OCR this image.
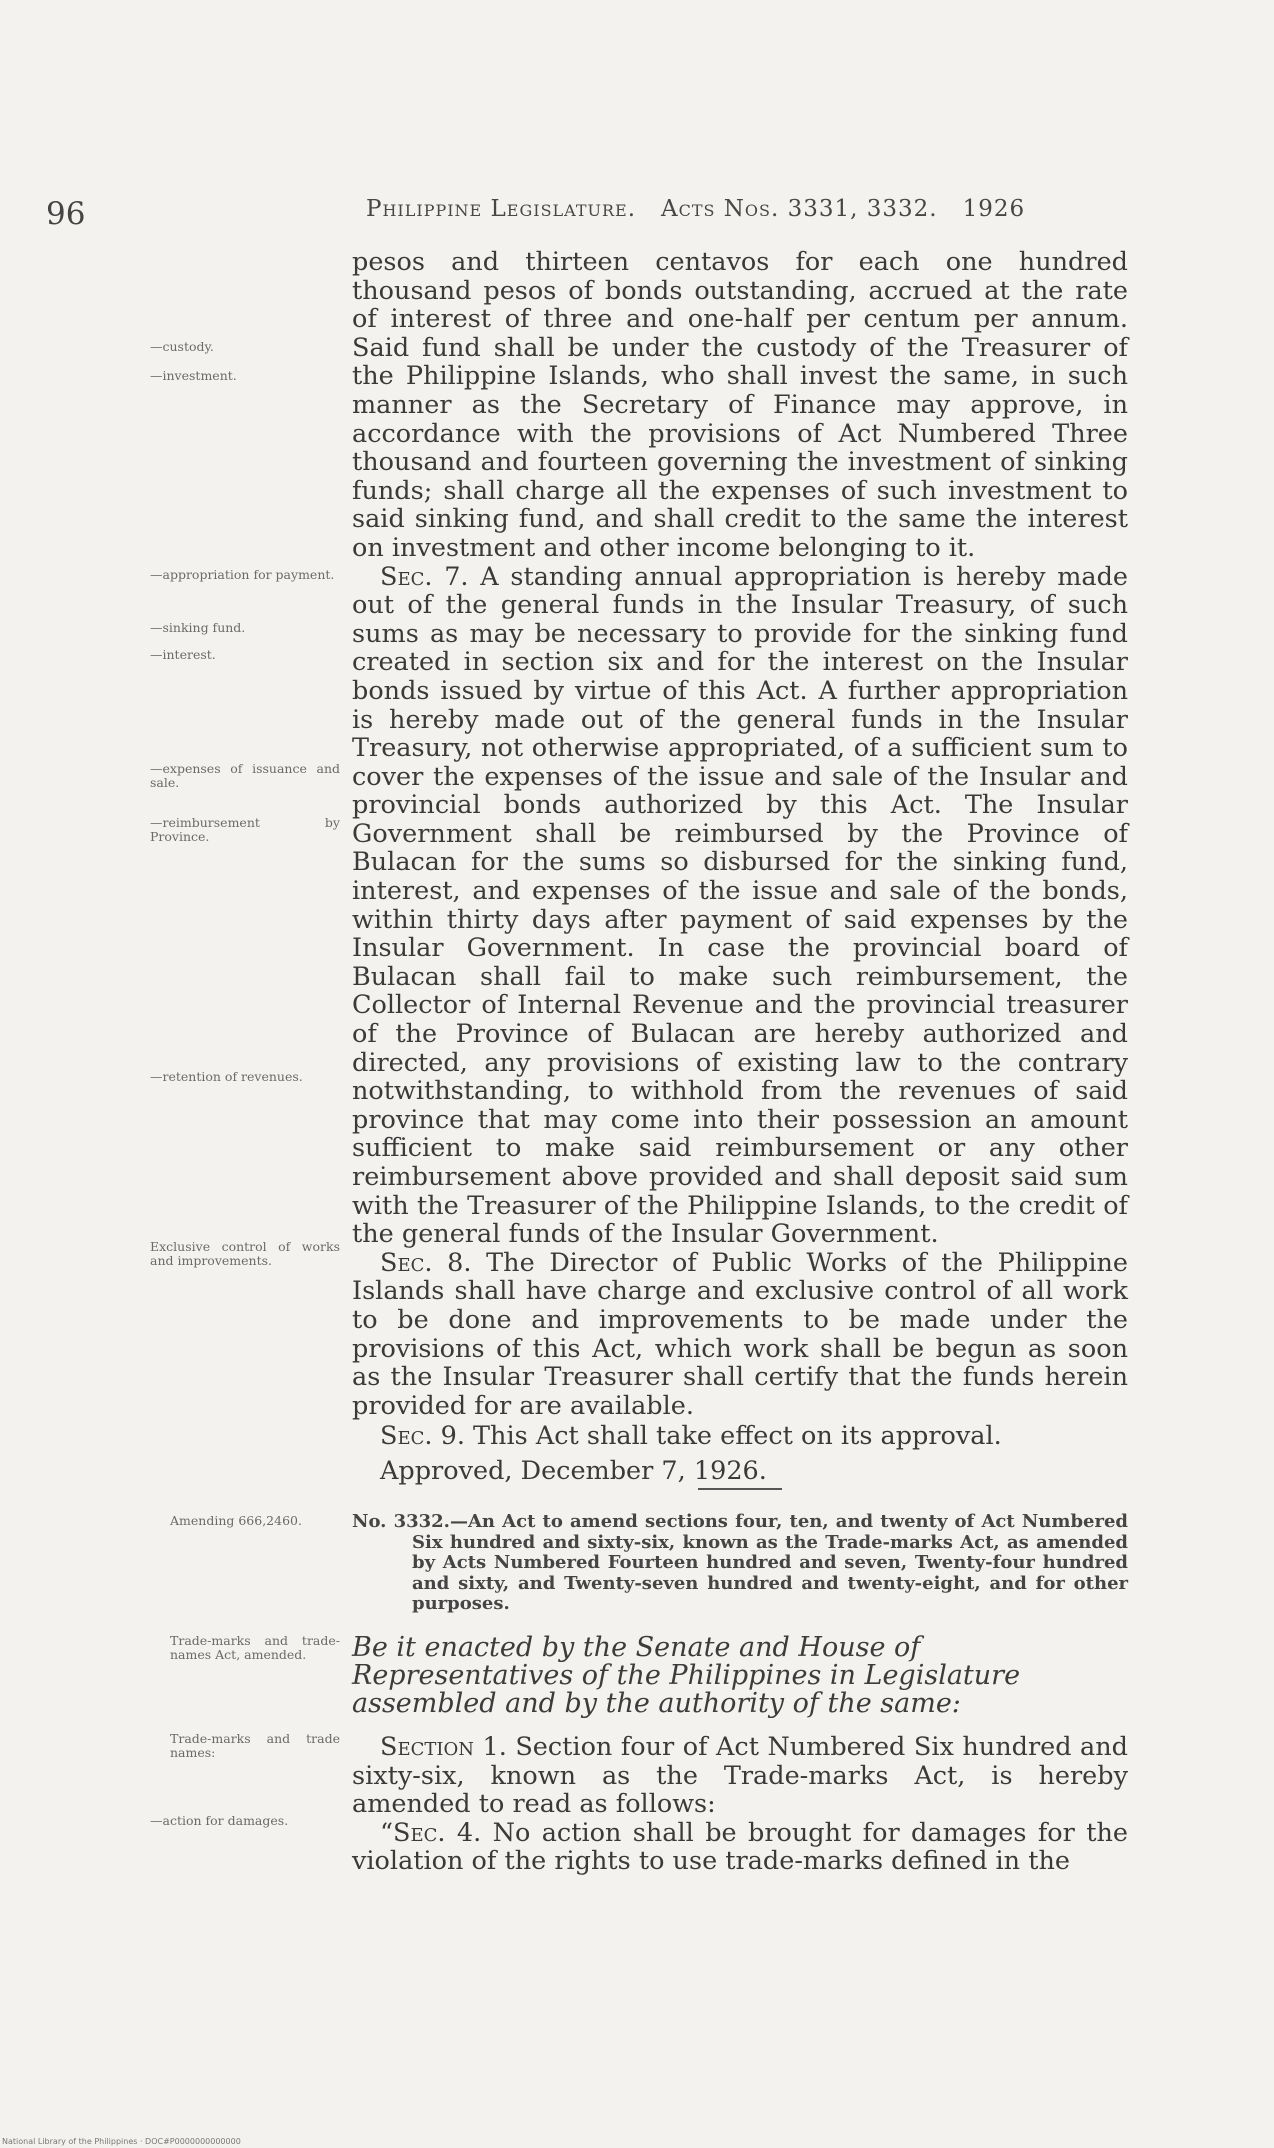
96	Philippine Legislature. Acts Nos. 3331, 3332. 1926
—custody.
—investment.
—appropriation for payment.
—sinking fund.
—interest.
—expenses of issuance and sale.
—reimbursement by Province.
—retention of revenues.
Exclusive control of works and improvements.
Amending 666,2460.
Trade-marks and trade-names Act, amended.
Trade-marks and trade names:
—action for damages.

pesos and thirteen centavos for each one hundred thousand pesos of bonds outstanding, accrued at the rate of interest of three and one-half per centum per annum. Said fund shall be under the custody of the Treasurer of the Philippine Islands, who shall invest the same, in such manner as the Secretary of Finance may approve, in accordance with the provisions of Act Numbered Three thousand and fourteen governing the investment of sinking funds; shall charge all the expenses of such investment to said sinking fund, and shall credit to the same the interest on investment and other income belonging to it.

Sec. 7. A standing annual appropriation is hereby made out of the general funds in the Insular Treasury, of such sums as may be necessary to provide for the sinking fund created in section six and for the interest on the Insular bonds issued by virtue of this Act. A further appropriation is hereby made out of the general funds in the Insular Treasury, not otherwise appropriated, of a sufficient sum to cover the expenses of the issue and sale of the Insular and provincial bonds authorized by this Act. The Insular Government shall be reimbursed by the Province of Bulacan for the sums so disbursed for the sinking fund, interest, and expenses of the issue and sale of the bonds, within thirty days after payment of said expenses by the Insular Government. In case the provincial board of Bulacan shall fail to make such reimbursement, the Collector of Internal Revenue and the provincial treasurer of the Province of Bulacan are hereby authorized and directed, any provisions of existing law to the contrary notwithstanding, to withhold from the revenues of said province that may come into their possession an amount sufficient to make said reimbursement or any other reimbursement above provided and shall deposit said sum with the Treasurer of the Philippine Islands, to the credit of the general funds of the Insular Government.

Sec. 8. The Director of Public Works of the Philippine Islands shall have charge and exclusive control of all work to be done and improvements to be made under the provisions of this Act, which work shall be begun as soon as the Insular Treasurer shall certify that the funds herein provided for are available.

Sec. 9. This Act shall take effect on its approval.

Approved, December 7, 1926.

No. 3332.—An Act to amend sections four, ten, and twenty of Act Numbered Six hundred and sixty-six, known as the Trade-marks Act, as amended by Acts Numbered Fourteen hundred and seven, Twenty-four hundred and sixty, and Twenty-seven hundred and twenty-eight, and for other purposes.
Be it enacted by the Senate and House of Representatives of the Philippines in Legislature assembled and by the authority of the same:

Section 1. Section four of Act Numbered Six hundred and sixty-six, known as the Trade-marks Act, is hereby amended to read as follows:

“Sec. 4. No action shall be brought for damages for the violation of the rights to use trade-marks defined in the

National Library of the Philippines · DOC#P0000000000000
